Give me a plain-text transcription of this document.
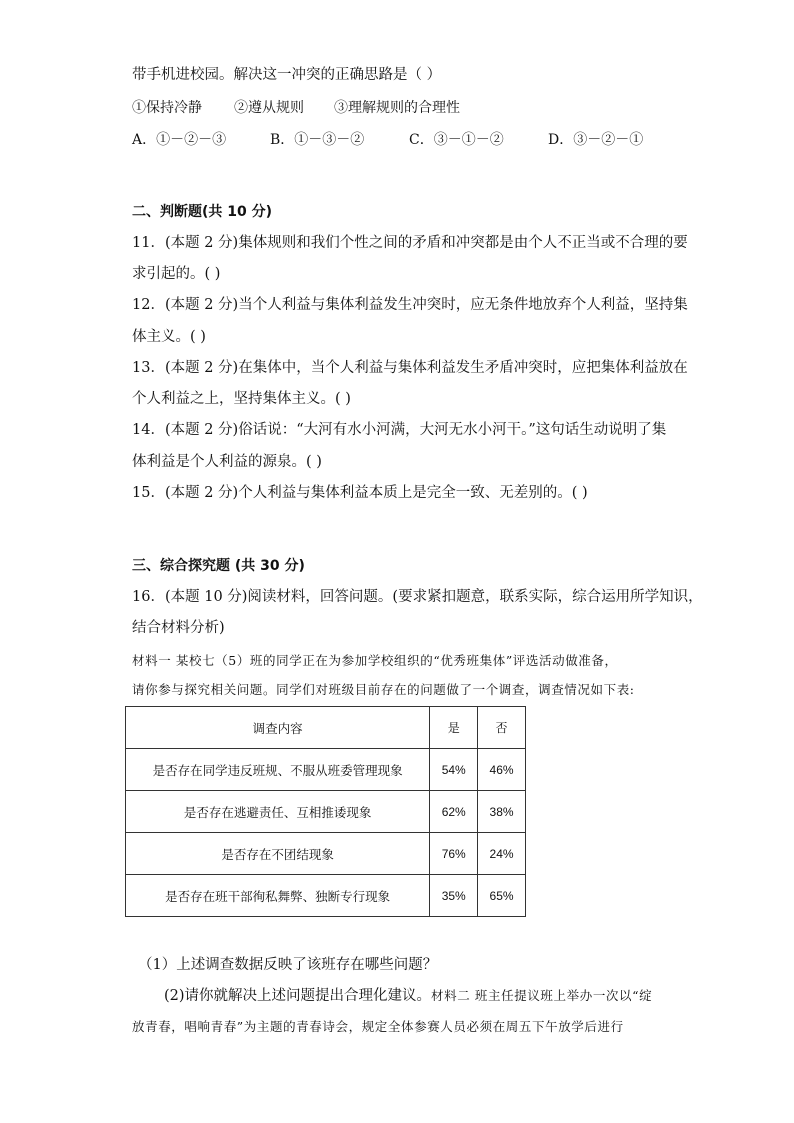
带手机进校园。解决这一冲突的正确思路是（ ）
①保持冷静 ②遵从规则 ③理解规则的合理性
A．①－②－③	B．①－③－②	C．③－①－②	D．③－②－①
二、判断题(共 10 分)
11．(本题 2 分)集体规则和我们个性之间的矛盾和冲突都是由个人不正当或不合理的要
求引起的。( )
12．(本题 2 分)当个人利益与集体利益发生冲突时，应无条件地放弃个人利益，坚持集
体主义。( )
13．(本题 2 分)在集体中，当个人利益与集体利益发生矛盾冲突时，应把集体利益放在
个人利益之上，坚持集体主义。( )
14．(本题 2 分)俗话说：“大河有水小河满，大河无水小河干。”这句话生动说明了集
体利益是个人利益的源泉。( )
15．(本题 2 分)个人利益与集体利益本质上是完全一致、无差别的。( )
三、综合探究题 (共 30 分)
16．(本题 10 分)阅读材料，回答问题。(要求紧扣题意，联系实际，综合运用所学知识，
结合材料分析)
材料一 某校七（5）班的同学正在为参加学校组织的“优秀班集体”评选活动做准备，
请你参与探究相关问题。同学们对班级目前存在的问题做了一个调查，调查情况如下表:
调查内容	是	否
是否存在同学违反班规、不服从班委管理现象	54%	46%
是否存在逃避责任、互相推诿现象	62%	38%
是否存在不团结现象	76%	24%
是否存在班干部徇私舞弊、独断专行现象	35%	65%
（1）上述调查数据反映了该班存在哪些问题？
(2)请你就解决上述问题提出合理化建议。材料二 班主任提议班上举办一次以“绽
放青春，唱响青春”为主题的青春诗会，规定全体参赛人员必须在周五下午放学后进行
